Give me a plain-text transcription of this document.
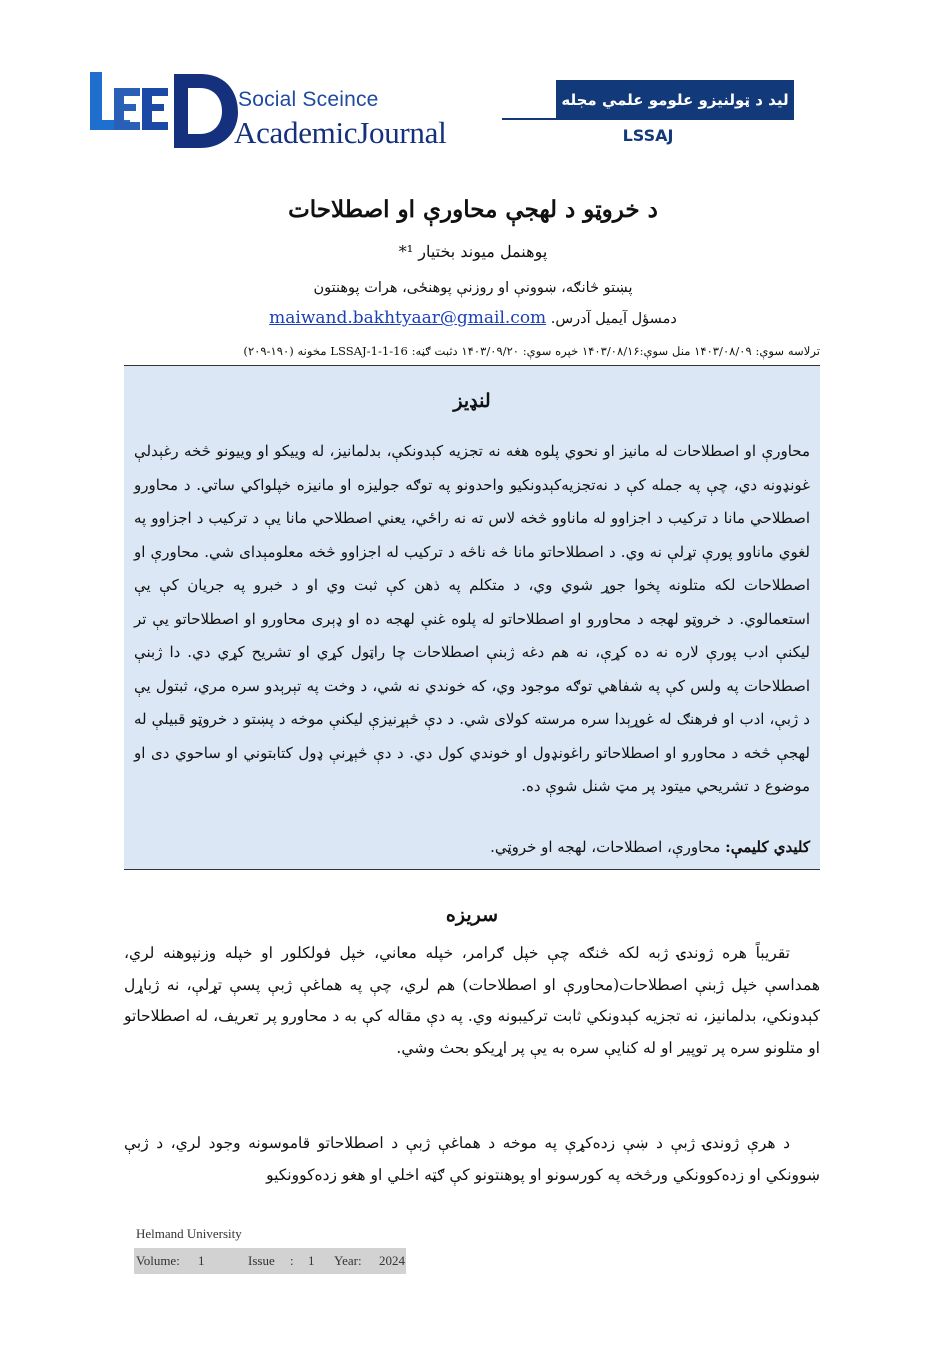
Social Sceince
AcademicJournal
ليد د ټولنيزو علومو علمي مجله
LSSAJ
د خروټو د لهجې محاورې او اصطلاحات
پوهنمل ميوند بختيار ¹*
پښتو څانګه، ښوونې او روزنې پوهنځی، هرات پوهنتون
دمسؤل آيميل آدرس. maiwand.bakhtyaar@gmail.com
ترلاسه سوې: ۱۴۰۳/۰۸/۰۹ منل سوې:۱۴۰۳/۰۸/۱۶ خپره سوې: ۱۴۰۳/۰۹/۲۰ دثبت ګڼه: LSSAJ-1-1-16 مخونه (۱۹۰-۲۰۹)
لنډيز
محاورې او اصطلاحات له مانيز او نحوي پلوه هغه نه تجزيه کېدونکې، بدلمانيز، له وييکو او وييونو څخه رغېدلې غونډونه دي، چې په جمله کې د نه‌تجزيه‌کېدونکيو واحدونو په توګه جوليزه او مانيزه خپلواکي ساتي. د محاورو اصطلاحي مانا د ترکيب د اجزاوو له ماناوو څخه لاس ته نه راځي، يعني اصطلاحي مانا يې د ترکيب د اجزاوو په لغوي ماناوو پورې تړلې نه وي. د اصطلاحاتو مانا څه ناڅه د ترکيب له اجزاوو څخه معلومېدای شي. محاورې او اصطلاحات لکه متلونه پخوا جوړ شوي وي، د متکلم په ذهن کې ثبت وي او د خبرو په جريان کې يې استعمالوي. د خروټو لهجه د محاورو او اصطلاحاتو له پلوه غنې لهجه ده او ډېرى محاورو او اصطلاحاتو يې تر ليکنې ادب پورې لاره نه ده کړې، نه هم دغه ژبنې اصطلاحات چا راټول کړي او تشريح کړي دي. دا ژبنې اصطلاحات په ولس کې په شفاهي توګه موجود وي، که خوندي نه شي، د وخت په تېرېدو سره مري، ثبتول يې د ژبې، ادب او فرهنګ له غوړېدا سره مرسته کولای شي. د دې څېړنيزې ليکنې موخه د پښتو د خروټو قبيلې له لهجې څخه د محاورو او اصطلاحاتو راغونډول او خوندي کول دي. د دې څېړنې ډول کتابتوني او ساحوي دی او موضوع د تشريحي ميتود پر مټ شنل شوې ده.
کليدي کليمې: محاورې، اصطلاحات، لهجه او خروټي.
سريزه
تقريباً هره ژوندۍ ژبه لکه څنګه چې خپل ګرامر، خپله معاني، خپل فولکلور او خپله وزنپوهنه لري، همداسې خپل ژبنې اصطلاحات(محاورې او اصطلاحات) هم لري، چې په هماغې ژبې پسې تړلې، نه ژباړل کېدونکي، بدلمانيز، نه تجزيه کېدونکي ثابت ترکيبونه وي. په دې مقاله کې به د محاورو پر تعريف، له اصطلاحاتو او متلونو سره پر توپير او له کنايې سره به يې پر اړيکو بحث وشي.
د هرې ژوندۍ ژبې د ښې زده‌کړې په موخه د هماغې ژبې د اصطلاحاتو قاموسونه وجود لري، د ژبې ښوونکي او زده‌کوونکي ورڅخه په کورسونو او پوهنتونو کې ګټه اخلي او هغو زده‌کوونکيو
Helmand University
Volume: 1	Issue : 1 Year: 2024
